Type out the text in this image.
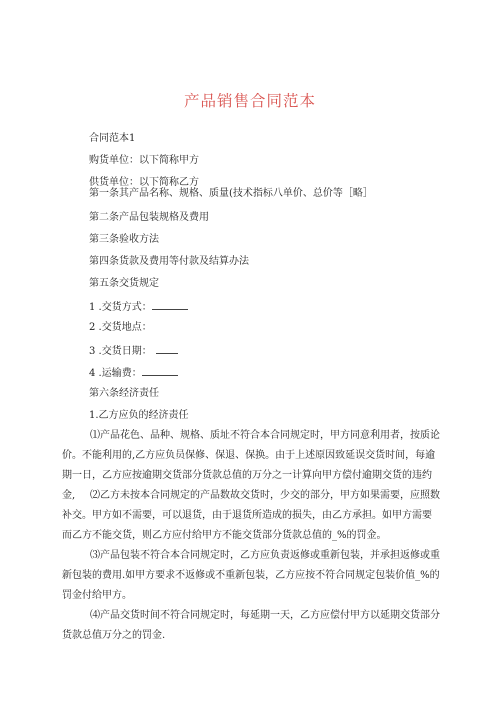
产品销售合同范本
合同范本1
购货单位：以下简称甲方
供货单位：以下简称乙方
第一条其产品名称、规格、质量(技术指标八单价、总价等［略］
第二条产品包装规格及费用
第三条验收方法
第四条货款及费用等付款及结算办法
第五条交货规定
1 .交货方式：
2 .交货地点：
3 .交货日期：
4 .运输费：
第六条经济责任
1.乙方应负的经济责任
⑴产品花色、品种、规格、质址不符合本合同规定时，甲方同意利用者，按质论价。不能利用的,乙方应负员保修、保退、保换。由于上述原因致延误交货时间，每逾期一日，乙方应按逾期交货部分货款总值的万分之一计算向甲方偿付逾期交货的违约金,	⑵乙方未按本合同规定的产品数故交货时，少交的部分，甲方如果需要，应照数补交。甲方如不需要，可以退货，由于退货所造成的损失，由乙方承担。如甲方需要而乙方不能交货，则乙方应付给甲方不能交货部分货款总值的_%的罚金。
⑶产品包装不符合本合同规定时，乙方应负责返修或重新包装，并承担返修或重新包装的费用.如甲方要求不返修或不重新包装，乙方应按不符合同规定包装价值_%的罚金付给甲方。
⑷产品交货时间不符合同规定时，每延期一天，乙方应偿付甲方以延期交货部分货款总值万分之的罚金.
